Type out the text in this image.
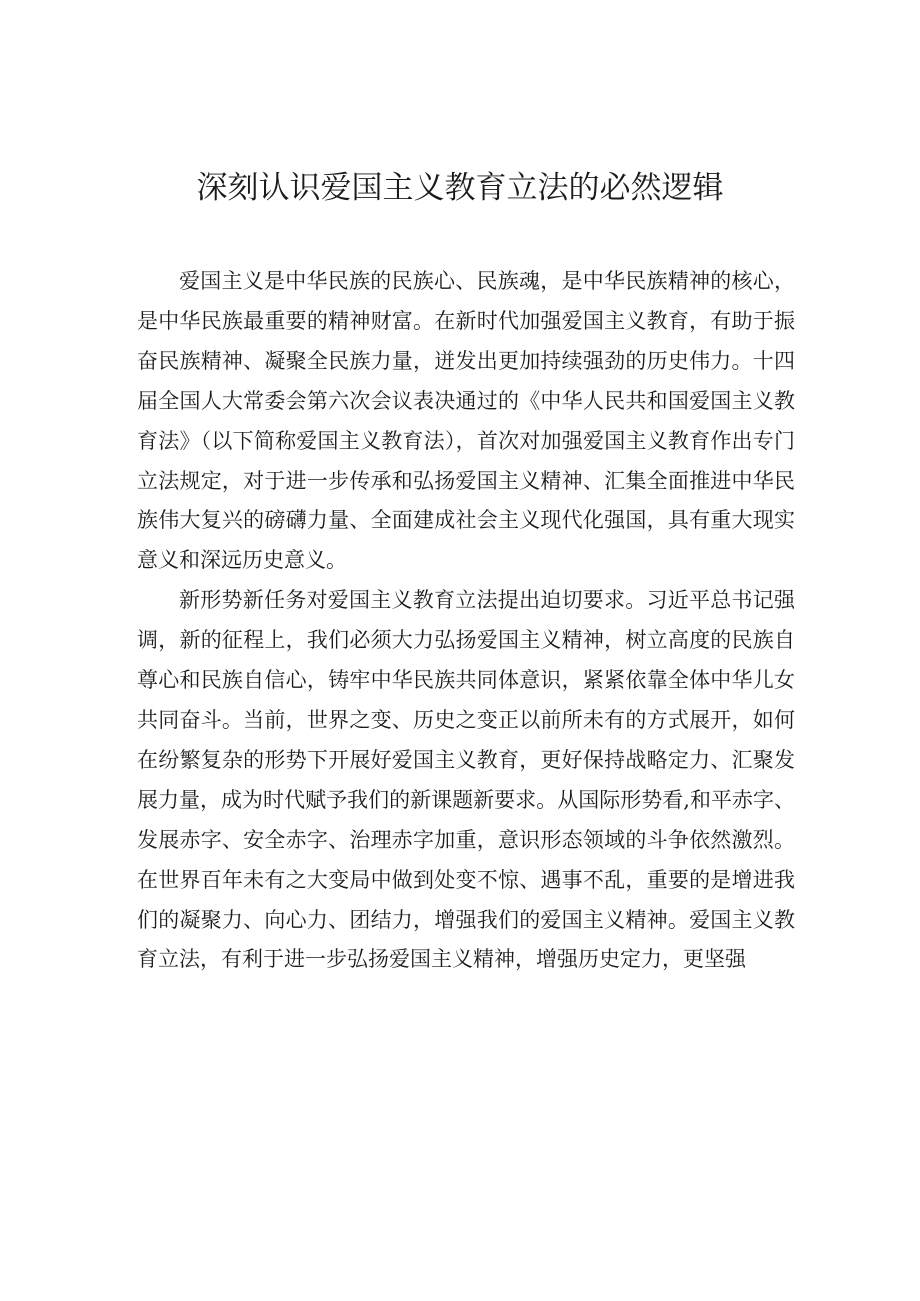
深刻认识爱国主义教育立法的必然逻辑

爱国主义是中华民族的民族心、民族魂，是中华民族精神的核心，是中华民族最重要的精神财富。在新时代加强爱国主义教育，有助于振奋民族精神、凝聚全民族力量，迸发出更加持续强劲的历史伟力。十四届全国人大常委会第六次会议表决通过的《中华人民共和国爱国主义教育法》（以下简称爱国主义教育法），首次对加强爱国主义教育作出专门立法规定，对于进一步传承和弘扬爱国主义精神、汇集全面推进中华民族伟大复兴的磅礴力量、全面建成社会主义现代化强国，具有重大现实意义和深远历史意义。

新形势新任务对爱国主义教育立法提出迫切要求。习近平总书记强调，新的征程上，我们必须大力弘扬爱国主义精神，树立高度的民族自尊心和民族自信心，铸牢中华民族共同体意识，紧紧依靠全体中华儿女共同奋斗。当前，世界之变、历史之变正以前所未有的方式展开，如何在纷繁复杂的形势下开展好爱国主义教育，更好保持战略定力、汇聚发展力量，成为时代赋予我们的新课题新要求。从国际形势看,和平赤字、发展赤字、安全赤字、治理赤字加重，意识形态领域的斗争依然激烈。在世界百年未有之大变局中做到处变不惊、遇事不乱，重要的是增进我们的凝聚力、向心力、团结力，增强我们的爱国主义精神。爱国主义教育立法，有利于进一步弘扬爱国主义精神，增强历史定力，更坚强
